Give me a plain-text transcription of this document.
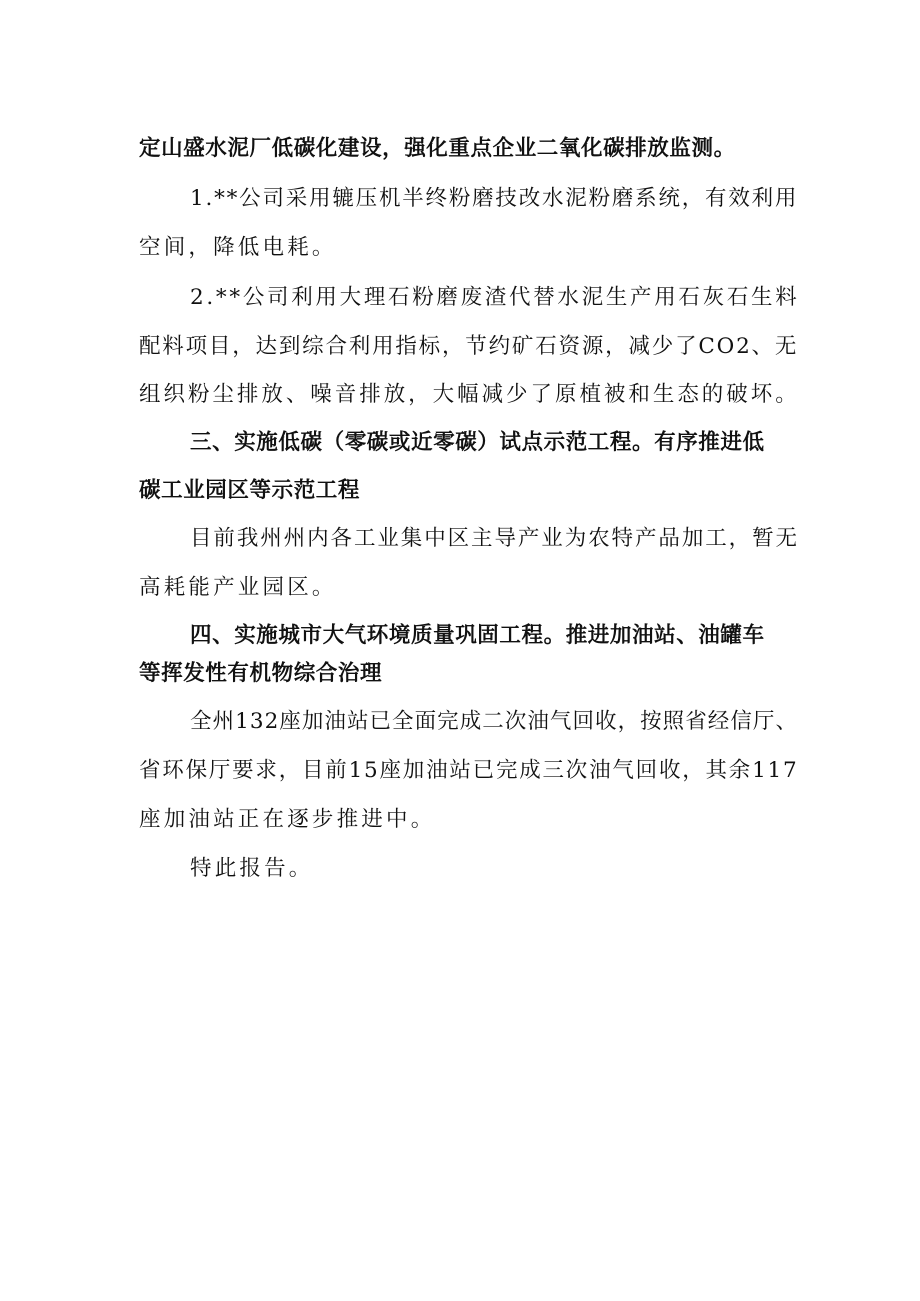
定山盛水泥厂低碳化建设，强化重点企业二氧化碳排放监测。
1.**公司采用辘压机半终粉磨技改水泥粉磨系统，有效利用
空间，降低电耗。
2.**公司利用大理石粉磨废渣代替水泥生产用石灰石生料
配料项目，达到综合利用指标，节约矿石资源，减少了CO2、无
组织粉尘排放、噪音排放，大幅减少了原植被和生态的破坏。
三、实施低碳（零碳或近零碳）试点示范工程。有序推进低
碳工业园区等示范工程
目前我州州内各工业集中区主导产业为农特产品加工，暂无
高耗能产业园区。
四、实施城市大气环境质量巩固工程。推进加油站、油罐车
等挥发性有机物综合治理
全州132座加油站已全面完成二次油气回收，按照省经信厅、
省环保厅要求，目前15座加油站已完成三次油气回收，其余117
座加油站正在逐步推进中。
特此报告。
